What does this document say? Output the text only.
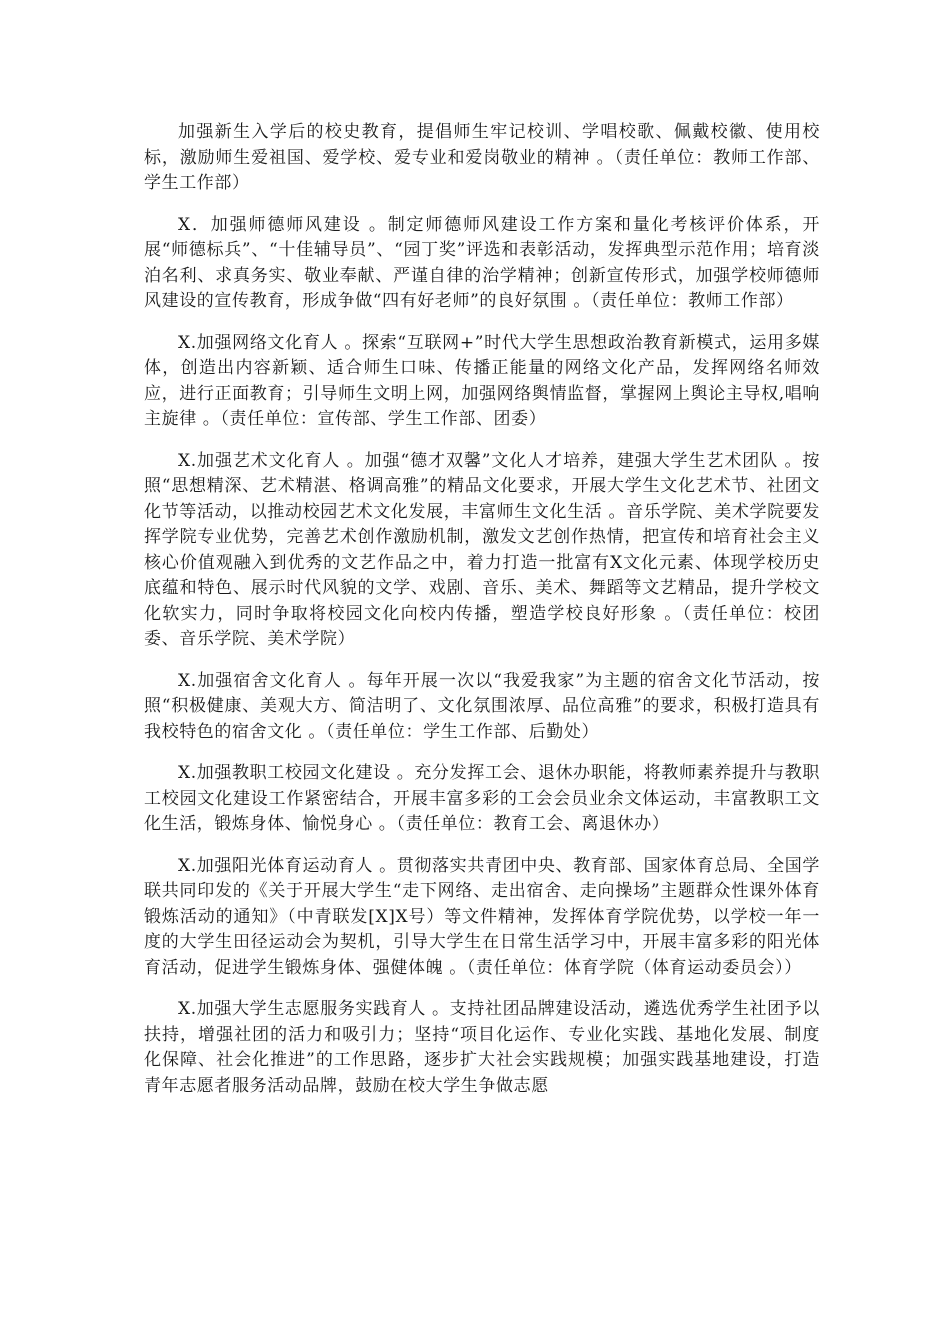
加强新生入学后的校史教育，提倡师生牢记校训、学唱校歌、佩戴校徽、使用校标，激励师生爱祖国、爱学校、爱专业和爱岗敬业的精神 。（责任单位：教师工作部、学生工作部）

X．加强师德师风建设 。制定师德师风建设工作方案和量化考核评价体系，开展“师德标兵”、“十佳辅导员”、“园丁奖”评选和表彰活动，发挥典型示范作用；培育淡泊名利、求真务实、敬业奉献、严谨自律的治学精神；创新宣传形式，加强学校师德师风建设的宣传教育，形成争做“四有好老师”的良好氛围 。（责任单位：教师工作部）

X.加强网络文化育人 。探索“互联网+”时代大学生思想政治教育新模式，运用多媒体，创造出内容新颖、适合师生口味、传播正能量的网络文化产品，发挥网络名师效应，进行正面教育；引导师生文明上网，加强网络舆情监督，掌握网上舆论主导权,唱响主旋律 。（责任单位：宣传部、学生工作部、团委）

X.加强艺术文化育人 。加强“德才双馨”文化人才培养，建强大学生艺术团队 。按照“思想精深、艺术精湛、格调高雅”的精品文化要求，开展大学生文化艺术节、社团文化节等活动，以推动校园艺术文化发展，丰富师生文化生活 。音乐学院、美术学院要发挥学院专业优势，完善艺术创作激励机制，激发文艺创作热情，把宣传和培育社会主义核心价值观融入到优秀的文艺作品之中，着力打造一批富有X文化元素、体现学校历史底蕴和特色、展示时代风貌的文学、戏剧、音乐、美术、舞蹈等文艺精品，提升学校文化软实力，同时争取将校园文化向校内传播，塑造学校良好形象 。（责任单位：校团委、音乐学院、美术学院）

X.加强宿舍文化育人 。每年开展一次以“我爱我家”为主题的宿舍文化节活动，按照“积极健康、美观大方、简洁明了、文化氛围浓厚、品位高雅”的要求，积极打造具有我校特色的宿舍文化 。（责任单位：学生工作部、后勤处）

X.加强教职工校园文化建设 。充分发挥工会、退休办职能，将教师素养提升与教职工校园文化建设工作紧密结合，开展丰富多彩的工会会员业余文体运动，丰富教职工文化生活，锻炼身体、愉悦身心 。（责任单位：教育工会、离退休办）

X.加强阳光体育运动育人 。贯彻落实共青团中央、教育部、国家体育总局、全国学联共同印发的《关于开展大学生“走下网络、走出宿舍、走向操场”主题群众性课外体育锻炼活动的通知》（中青联发[X]X号）等文件精神，发挥体育学院优势，以学校一年一度的大学生田径运动会为契机，引导大学生在日常生活学习中，开展丰富多彩的阳光体育活动，促进学生锻炼身体、强健体魄 。（责任单位：体育学院（体育运动委员会））

X.加强大学生志愿服务实践育人 。支持社团品牌建设活动，遴选优秀学生社团予以扶持，增强社团的活力和吸引力；坚持“项目化运作、专业化实践、基地化发展、制度化保障、社会化推进”的工作思路，逐步扩大社会实践规模；加强实践基地建设，打造青年志愿者服务活动品牌，鼓励在校大学生争做志愿
